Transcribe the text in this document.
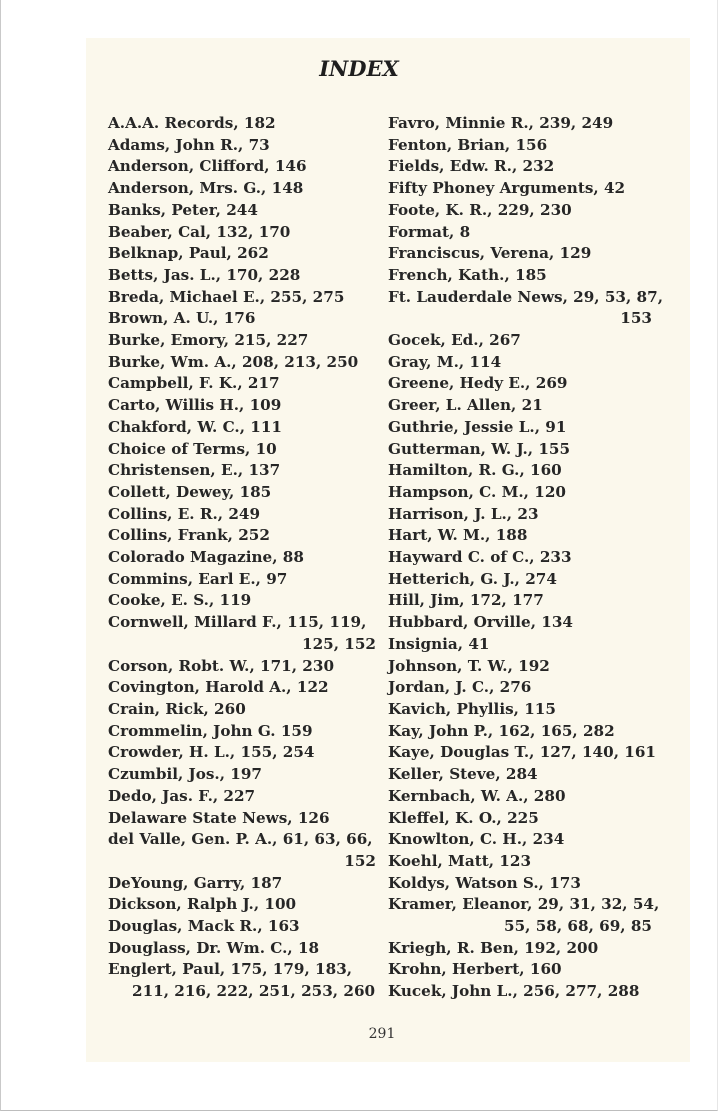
INDEX
A.A.A. Records, 182
Adams, John R., 73
Anderson, Clifford, 146
Anderson, Mrs. G., 148
Banks, Peter, 244
Beaber, Cal, 132, 170
Belknap, Paul, 262
Betts, Jas. L., 170, 228
Breda, Michael E., 255, 275
Brown, A. U., 176
Burke, Emory, 215, 227
Burke, Wm. A., 208, 213, 250
Campbell, F. K., 217
Carto, Willis H., 109
Chakford, W. C., 111
Choice of Terms, 10
Christensen, E., 137
Collett, Dewey, 185
Collins, E. R., 249
Collins, Frank, 252
Colorado Magazine, 88
Commins, Earl E., 97
Cooke, E. S., 119
Cornwell, Millard F., 115, 119,
125, 152
Corson, Robt. W., 171, 230
Covington, Harold A., 122
Crain, Rick, 260
Crommelin, John G. 159
Crowder, H. L., 155, 254
Czumbil, Jos., 197
Dedo, Jas. F., 227
Delaware State News, 126
del Valle, Gen. P. A., 61, 63, 66,
152
DeYoung, Garry, 187
Dickson, Ralph J., 100
Douglas, Mack R., 163
Douglass, Dr. Wm. C., 18
Englert, Paul, 175, 179, 183,
211, 216, 222, 251, 253, 260
Favro, Minnie R., 239, 249
Fenton, Brian, 156
Fields, Edw. R., 232
Fifty Phoney Arguments, 42
Foote, K. R., 229, 230
Format, 8
Franciscus, Verena, 129
French, Kath., 185
Ft. Lauderdale News, 29, 53, 87,
153
Gocek, Ed., 267
Gray, M., 114
Greene, Hedy E., 269
Greer, L. Allen, 21
Guthrie, Jessie L., 91
Gutterman, W. J., 155
Hamilton, R. G., 160
Hampson, C. M., 120
Harrison, J. L., 23
Hart, W. M., 188
Hayward C. of C., 233
Hetterich, G. J., 274
Hill, Jim, 172, 177
Hubbard, Orville, 134
Insignia, 41
Johnson, T. W., 192
Jordan, J. C., 276
Kavich, Phyllis, 115
Kay, John P., 162, 165, 282
Kaye, Douglas T., 127, 140, 161
Keller, Steve, 284
Kernbach, W. A., 280
Kleffel, K. O., 225
Knowlton, C. H., 234
Koehl, Matt, 123
Koldys, Watson S., 173
Kramer, Eleanor, 29, 31, 32, 54,
55, 58, 68, 69, 85
Kriegh, R. Ben, 192, 200
Krohn, Herbert, 160
Kucek, John L., 256, 277, 288
291
